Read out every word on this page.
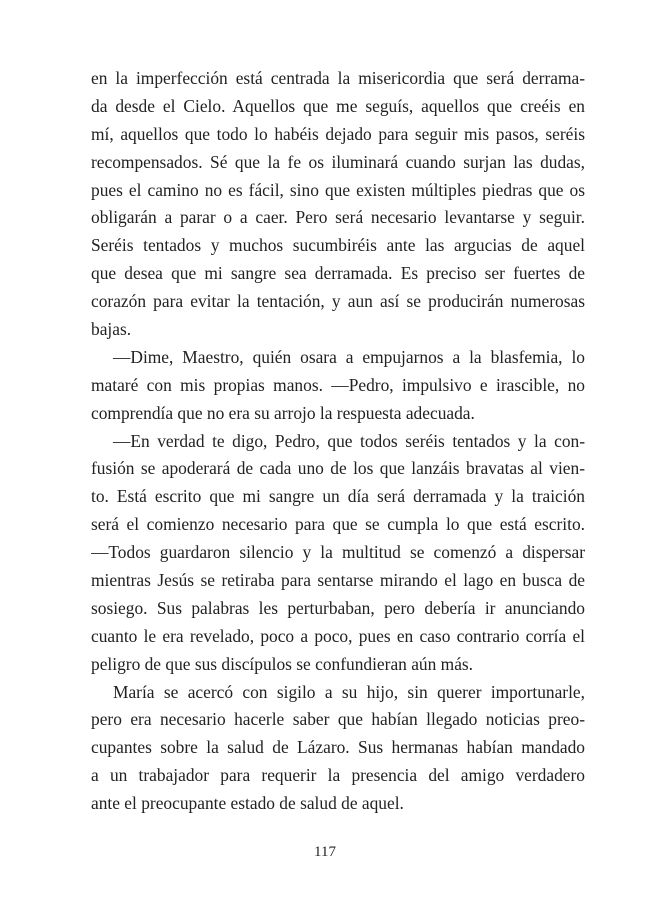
en la imperfección está centrada la misericordia que será derrama-
da desde el Cielo. Aquellos que me seguís, aquellos que creéis en
mí, aquellos que todo lo habéis dejado para seguir mis pasos, seréis
recompensados. Sé que la fe os iluminará cuando surjan las dudas,
pues el camino no es fácil, sino que existen múltiples piedras que os
obligarán a parar o a caer. Pero será necesario levantarse y seguir.
Seréis tentados y muchos sucumbiréis ante las argucias de aquel
que desea que mi sangre sea derramada. Es preciso ser fuertes de
corazón para evitar la tentación, y aun así se producirán numerosas
bajas.
—Dime, Maestro, quién osara a empujarnos a la blasfemia, lo
mataré con mis propias manos. —Pedro, impulsivo e irascible, no
comprendía que no era su arrojo la respuesta adecuada.
—En verdad te digo, Pedro, que todos seréis tentados y la con-
fusión se apoderará de cada uno de los que lanzáis bravatas al vien-
to. Está escrito que mi sangre un día será derramada y la traición
será el comienzo necesario para que se cumpla lo que está escrito.
—Todos guardaron silencio y la multitud se comenzó a dispersar
mientras Jesús se retiraba para sentarse mirando el lago en busca de
sosiego. Sus palabras les perturbaban, pero debería ir anunciando
cuanto le era revelado, poco a poco, pues en caso contrario corría el
peligro de que sus discípulos se confundieran aún más.
María se acercó con sigilo a su hijo, sin querer importunarle,
pero era necesario hacerle saber que habían llegado noticias preo-
cupantes sobre la salud de Lázaro. Sus hermanas habían mandado
a un trabajador para requerir la presencia del amigo verdadero
ante el preocupante estado de salud de aquel.
117
